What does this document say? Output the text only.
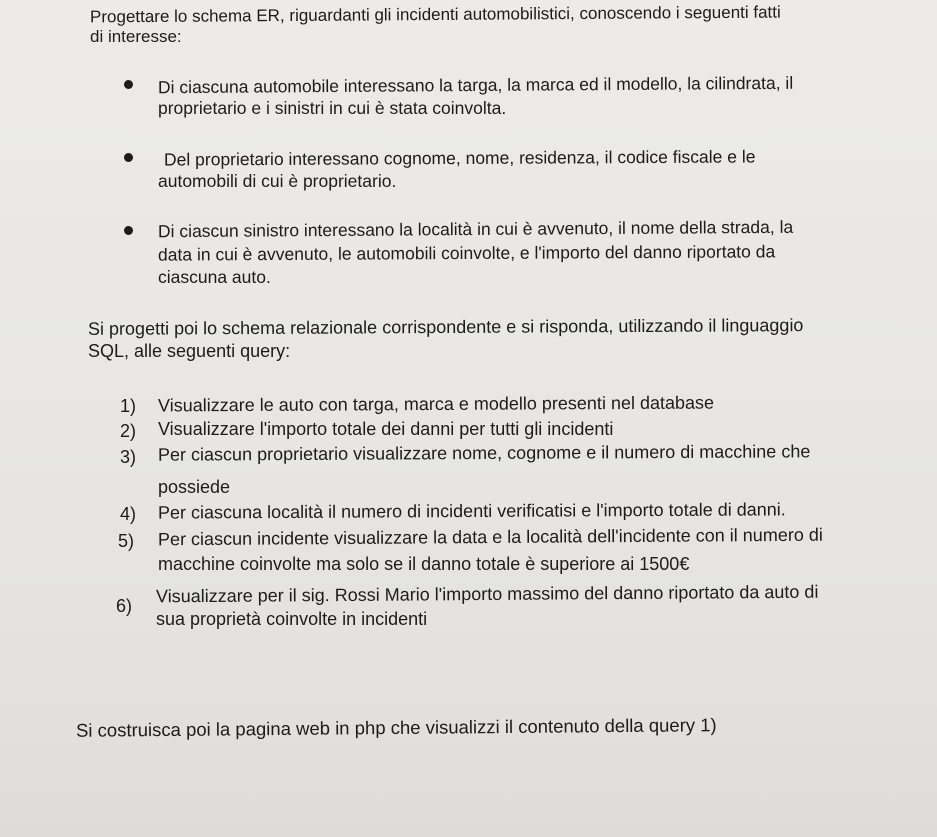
Progettare lo schema ER, riguardanti gli incidenti automobilistici, conoscendo i seguenti fatti
di interesse:
Di ciascuna automobile interessano la targa, la marca ed il modello, la cilindrata, il
proprietario e i sinistri in cui è stata coinvolta.
Del proprietario interessano cognome, nome, residenza, il codice fiscale e le
automobili di cui è proprietario.
Di ciascun sinistro interessano la località in cui è avvenuto, il nome della strada, la
data in cui è avvenuto, le automobili coinvolte, e l'importo del danno riportato da
ciascuna auto.
Si progetti poi lo schema relazionale corrispondente e si risponda, utilizzando il linguaggio
SQL, alle seguenti query:
1) Visualizzare le auto con targa, marca e modello presenti nel database
2) Visualizzare l'importo totale dei danni per tutti gli incidenti
3) Per ciascun proprietario visualizzare nome, cognome e il numero di macchine che
possiede
4) Per ciascuna località il numero di incidenti verificatisi e l'importo totale di danni.
5) Per ciascun incidente visualizzare la data e la località dell'incidente con il numero di
macchine coinvolte ma solo se il danno totale è superiore ai 1500€
6) Visualizzare per il sig. Rossi Mario l'importo massimo del danno riportato da auto di
sua proprietà coinvolte in incidenti
Si costruisca poi la pagina web in php che visualizzi il contenuto della query 1)
